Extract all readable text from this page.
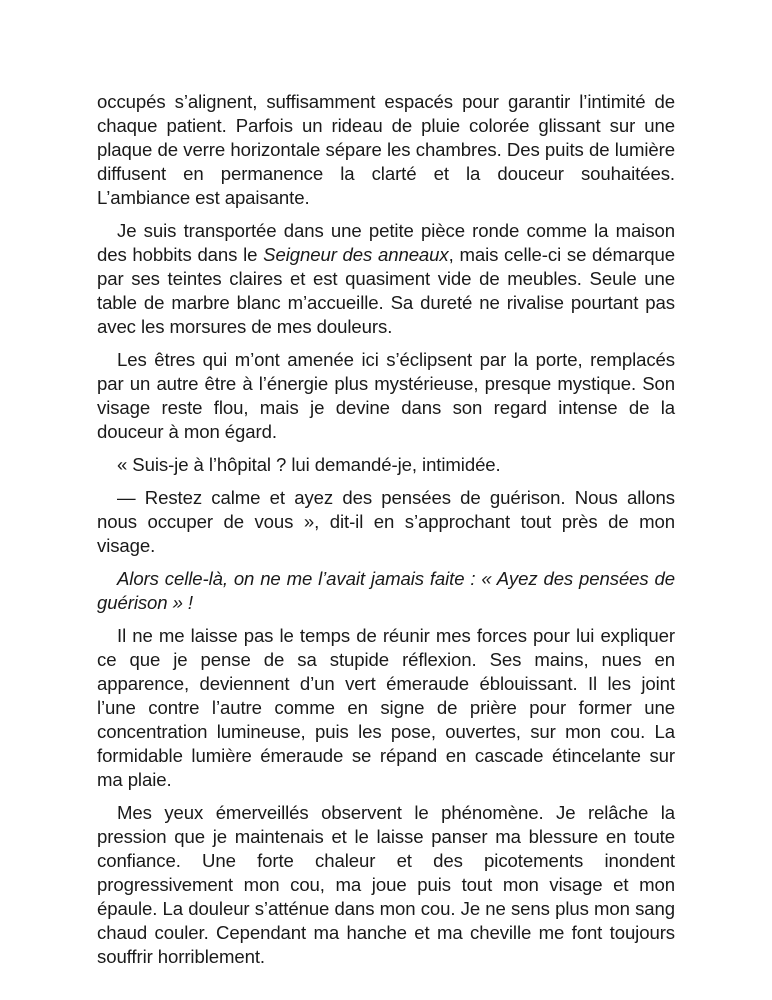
occupés s’alignent, suffisamment espacés pour garantir l’intimité de chaque patient. Parfois un rideau de pluie colorée glissant sur une plaque de verre horizontale sépare les chambres. Des puits de lumière diffusent en permanence la clarté et la douceur souhaitées. L’ambiance est apaisante.

Je suis transportée dans une petite pièce ronde comme la maison des hobbits dans le Seigneur des anneaux, mais celle-ci se démarque par ses teintes claires et est quasiment vide de meubles. Seule une table de marbre blanc m’accueille. Sa dureté ne rivalise pourtant pas avec les morsures de mes douleurs.

Les êtres qui m’ont amenée ici s’éclipsent par la porte, remplacés par un autre être à l’énergie plus mystérieuse, presque mystique. Son visage reste flou, mais je devine dans son regard intense de la douceur à mon égard.

« Suis-je à l’hôpital ? lui demandé-je, intimidée.

— Restez calme et ayez des pensées de guérison. Nous allons nous occuper de vous », dit-il en s’approchant tout près de mon visage.

Alors celle-là, on ne me l’avait jamais faite : « Ayez des pensées de guérison » !

Il ne me laisse pas le temps de réunir mes forces pour lui expliquer ce que je pense de sa stupide réflexion. Ses mains, nues en apparence, deviennent d’un vert émeraude éblouissant. Il les joint l’une contre l’autre comme en signe de prière pour former une concentration lumineuse, puis les pose, ouvertes, sur mon cou. La formidable lumière émeraude se répand en cascade étincelante sur ma plaie.

Mes yeux émerveillés observent le phénomène. Je relâche la pression que je maintenais et le laisse panser ma blessure en toute confiance. Une forte chaleur et des picotements inondent progressivement mon cou, ma joue puis tout mon visage et mon épaule. La douleur s’atténue dans mon cou. Je ne sens plus mon sang chaud couler. Cependant ma hanche et ma cheville me font toujours souffrir horriblement.
